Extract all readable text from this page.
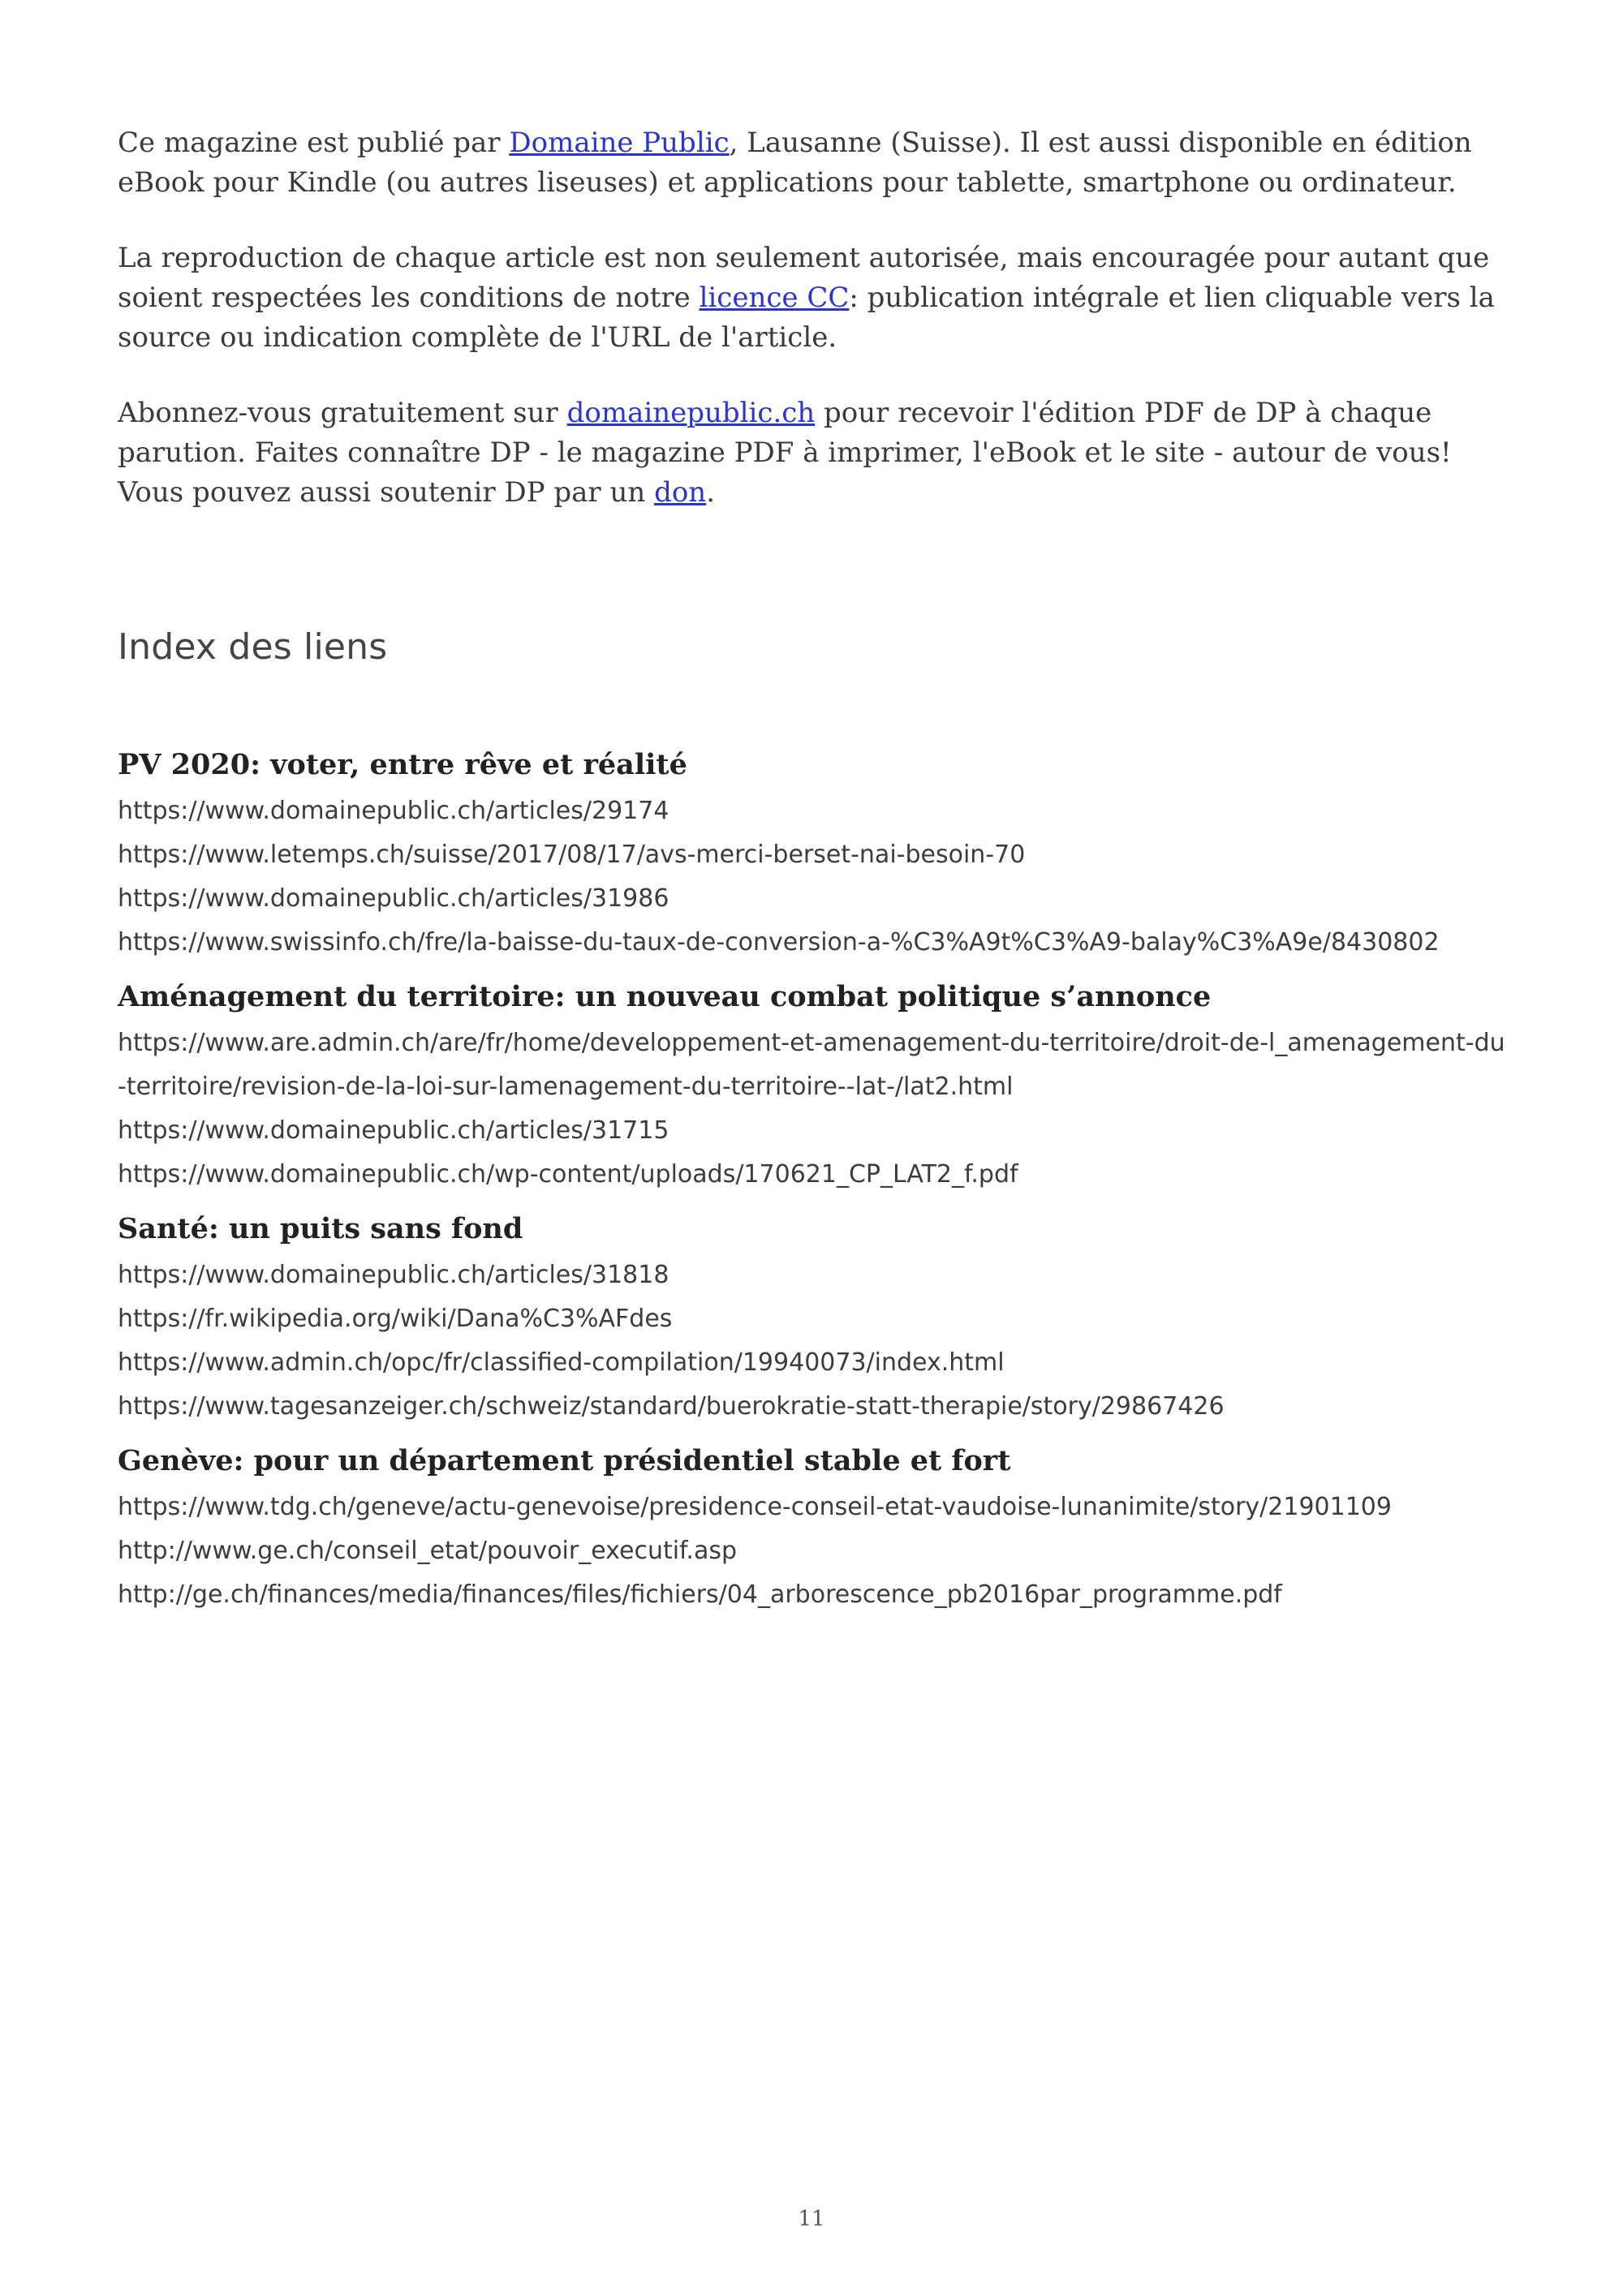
Ce magazine est publié par Domaine Public, Lausanne (Suisse). Il est aussi disponible en édition eBook pour Kindle (ou autres liseuses) et applications pour tablette, smartphone ou ordinateur.

La reproduction de chaque article est non seulement autorisée, mais encouragée pour autant que soient respectées les conditions de notre licence CC: publication intégrale et lien cliquable vers la source ou indication complète de l'URL de l'article.

Abonnez-vous gratuitement sur domainepublic.ch pour recevoir l'édition PDF de DP à chaque parution. Faites connaître DP - le magazine PDF à imprimer, l'eBook et le site - autour de vous! Vous pouvez aussi soutenir DP par un don.

Index des liens
PV 2020: voter, entre rêve et réalité

https://www.domainepublic.ch/articles/29174

https://www.letemps.ch/suisse/2017/08/17/avs-merci-berset-nai-besoin-70

https://www.domainepublic.ch/articles/31986

https://www.swissinfo.ch/fre/la-baisse-du-taux-de-conversion-a-%C3%A9t%C3%A9-balay%C3%A9e/8430802

Aménagement du territoire: un nouveau combat politique s’annonce

https://www.are.admin.ch/are/fr/home/developpement-et-amenagement-du-territoire/droit-de-l_amenagement-du-territoire/revision-de-la-loi-sur-lamenagement-du-territoire--lat-/lat2.html

https://www.domainepublic.ch/articles/31715

https://www.domainepublic.ch/wp-content/uploads/170621_CP_LAT2_f.pdf

Santé: un puits sans fond

https://www.domainepublic.ch/articles/31818

https://fr.wikipedia.org/wiki/Dana%C3%AFdes

https://www.admin.ch/opc/fr/classified-compilation/19940073/index.html

https://www.tagesanzeiger.ch/schweiz/standard/buerokratie-statt-therapie/story/29867426

Genève: pour un département présidentiel stable et fort

https://www.tdg.ch/geneve/actu-genevoise/presidence-conseil-etat-vaudoise-lunanimite/story/21901109

http://www.ge.ch/conseil_etat/pouvoir_executif.asp

http://ge.ch/finances/media/finances/files/fichiers/04_arborescence_pb2016par_programme.pdf

11
